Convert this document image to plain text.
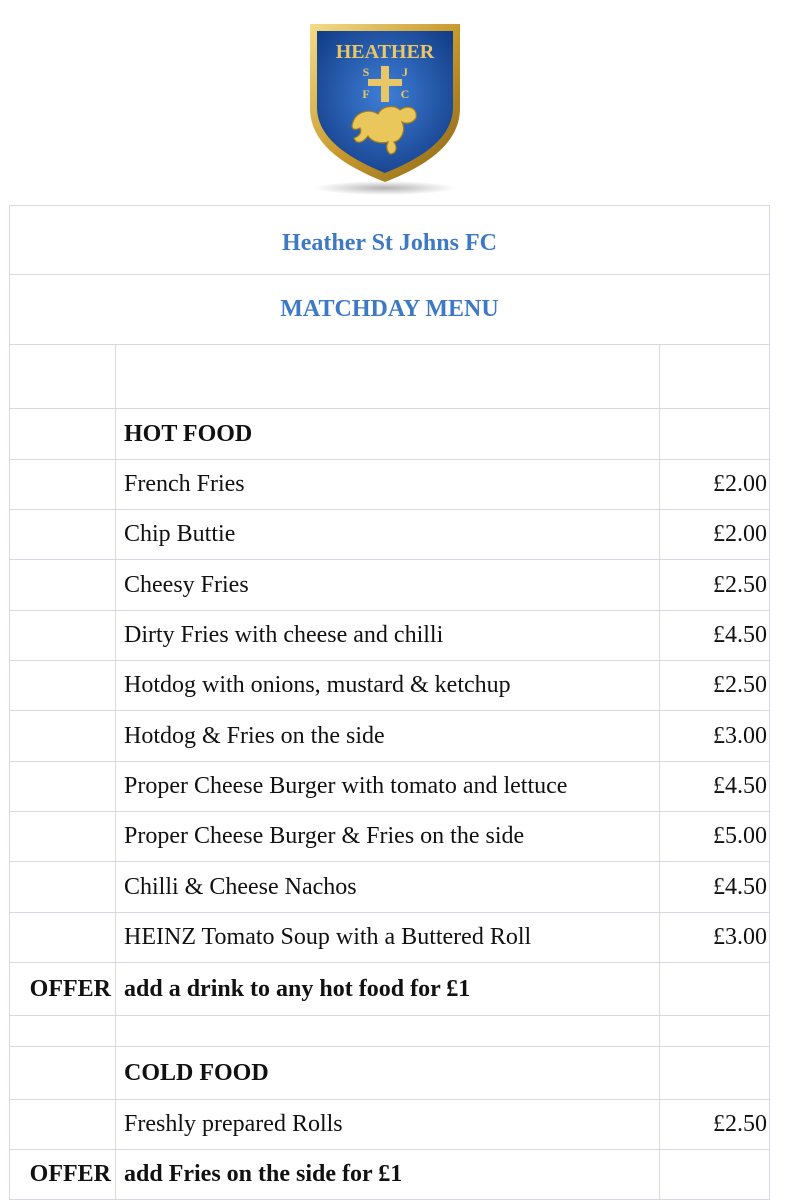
HEATHER
S	J
F	C
Heather St Johns FC		
MATCHDAY MENU		

	HOT FOOD	
	French Fries	£2.00
	Chip Buttie	£2.00
	Cheesy Fries	£2.50
	Dirty Fries with cheese and chilli	£4.50
	Hotdog with onions, mustard & ketchup	£2.50
	Hotdog & Fries on the side	£3.00
	Proper Cheese Burger with tomato and lettuce	£4.50
	Proper Cheese Burger & Fries on the side	£5.00
	Chilli & Cheese Nachos	£4.50
	HEINZ Tomato Soup with a Buttered Roll	£3.00
OFFER	add a drink to any hot food for £1	

	COLD FOOD	
	Freshly prepared Rolls	£2.50
OFFER	add Fries on the side for £1	
